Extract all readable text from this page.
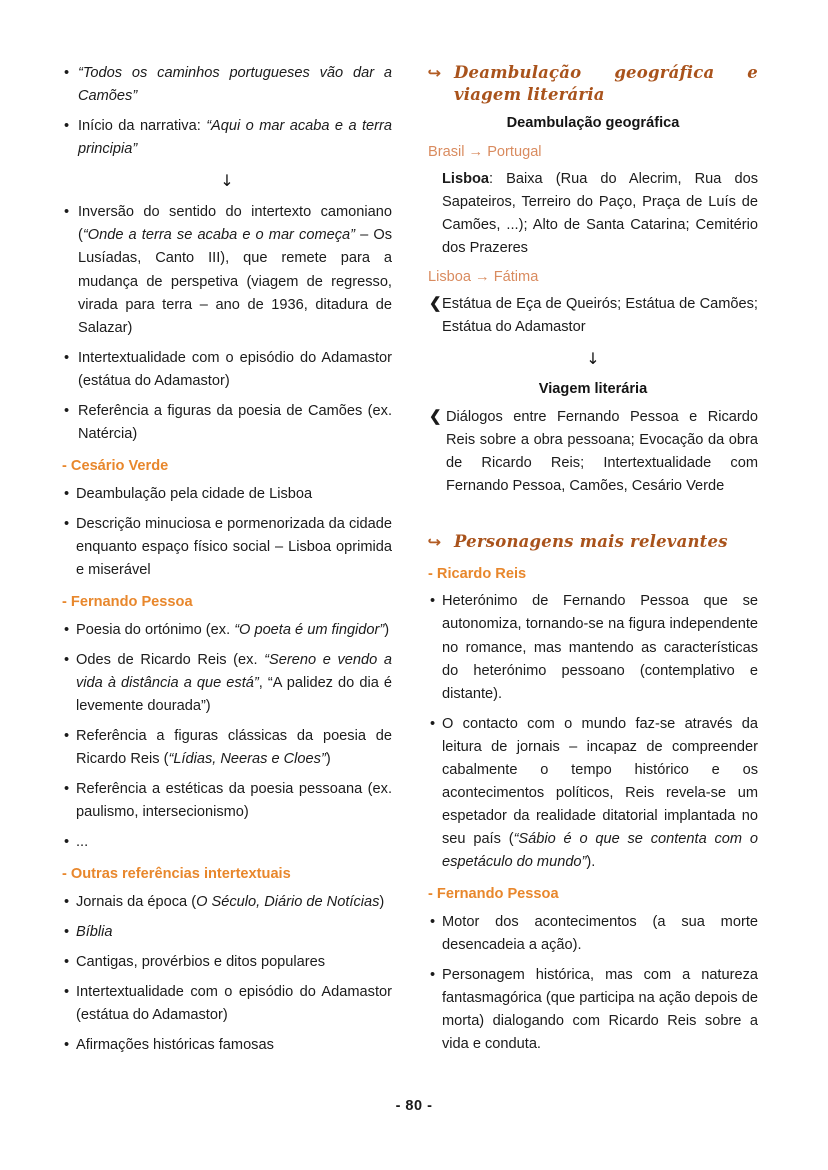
• “Todos os caminhos portugueses vão dar a Camões”
• Início da narrativa: “Aqui o mar acaba e a terra principia”
↓
• Inversão do sentido do intertexto camoniano (“Onde a terra se acaba e o mar começa” – Os Lusíadas, Canto III), que remete para a mudança de perspetiva (viagem de regresso, virada para terra – ano de 1936, ditadura de Salazar)
• Intertextualidade com o episódio do Adamastor (estátua do Adamastor)
• Referência a figuras da poesia de Camões (ex. Natércia)
- Cesário Verde
• Deambulação pela cidade de Lisboa
• Descrição minuciosa e pormenorizada da cidade enquanto espaço físico social – Lisboa oprimida e miserável
- Fernando Pessoa
• Poesia do ortónimo (ex. “O poeta é um fingidor”)
• Odes de Ricardo Reis (ex. “Sereno e vendo a vida à distância a que está”, “A palidez do dia é levemente dourada”)
• Referência a figuras clássicas da poesia de Ricardo Reis (“Lídias, Neeras e Cloes”)
• Referência a estéticas da poesia pessoana (ex. paulismo, intersecionismo)
• ...
- Outras referências intertextuais
• Jornais da época (O Século, Diário de Notícias)
• Bíblia
• Cantigas, provérbios e ditos populares
• Intertextualidade com o episódio do Adamastor (estátua do Adamastor)
• Afirmações históricas famosas
↪ Deambulação geográfica e viagem literária
Deambulação geográfica
Brasil → Portugal
Lisboa: Baixa (Rua do Alecrim, Rua dos Sapateiros, Terreiro do Paço, Praça de Luís de Camões, ...); Alto de Santa Catarina; Cemitério dos Prazeres
Lisboa → Fátima
❮ Estátua de Eça de Queirós; Estátua de Camões; Estátua do Adamastor
↓
Viagem literária
❮ Diálogos entre Fernando Pessoa e Ricardo Reis sobre a obra pessoana; Evocação da obra de Ricardo Reis; Intertextualidade com Fernando Pessoa, Camões, Cesário Verde
↪ Personagens mais relevantes
- Ricardo Reis
• Heterónimo de Fernando Pessoa que se autonomiza, tornando-se na figura independente no romance, mas mantendo as características do heterónimo pessoano (contemplativo e distante).
• O contacto com o mundo faz-se através da leitura de jornais – incapaz de compreender cabalmente o tempo histórico e os acontecimentos políticos, Reis revela-se um espetador da realidade ditatorial implantada no seu país (“Sábio é o que se contenta com o espetáculo do mundo”).
- Fernando Pessoa
• Motor dos acontecimentos (a sua morte desencadeia a ação).
• Personagem histórica, mas com a natureza fantasmagórica (que participa na ação depois de morta) dialogando com Ricardo Reis sobre a vida e conduta.
- 80 -
